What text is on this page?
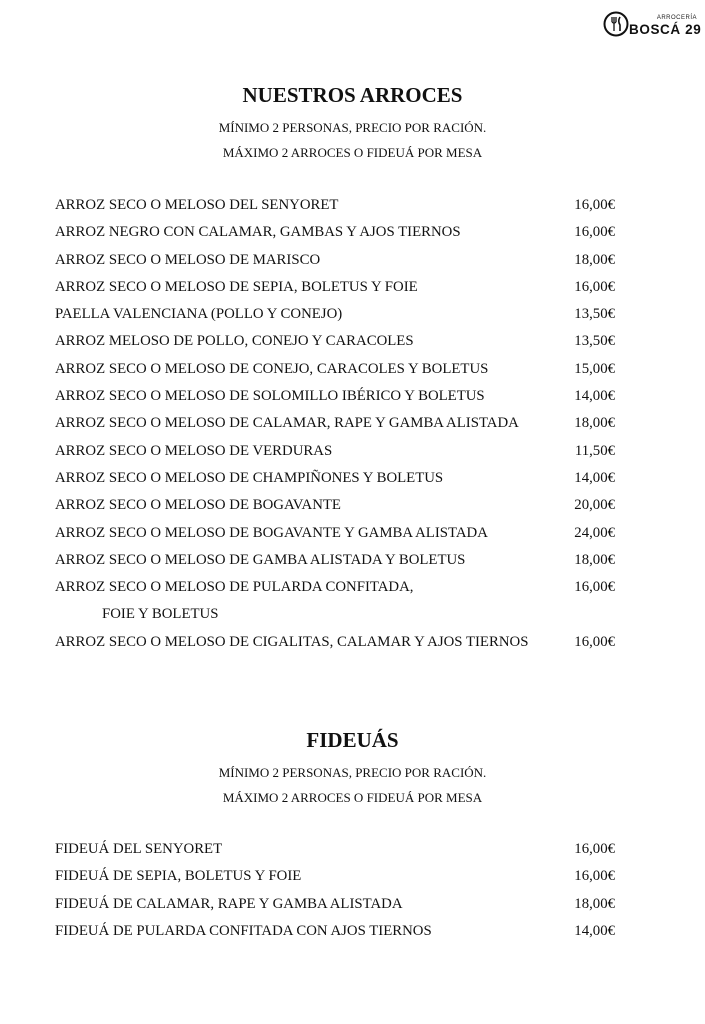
ARROCERÍA
BOSCÁ 29
NUESTROS ARROCES
MÍNIMO 2 PERSONAS, PRECIO POR RACIÓN.
MÁXIMO 2 ARROCES O FIDEUÁ POR MESA
ARROZ SECO O MELOSO DEL SENYORET	16,00€
ARROZ NEGRO CON CALAMAR, GAMBAS Y AJOS TIERNOS	16,00€
ARROZ SECO O MELOSO DE MARISCO	18,00€
ARROZ SECO O MELOSO DE SEPIA, BOLETUS Y FOIE	16,00€
PAELLA VALENCIANA (POLLO Y CONEJO)	13,50€
ARROZ MELOSO DE POLLO, CONEJO Y CARACOLES	13,50€
ARROZ SECO O MELOSO DE CONEJO, CARACOLES Y BOLETUS	15,00€
ARROZ SECO O MELOSO DE SOLOMILLO IBÉRICO Y BOLETUS	14,00€
ARROZ SECO O MELOSO DE CALAMAR, RAPE Y GAMBA ALISTADA	18,00€
ARROZ SECO O MELOSO DE VERDURAS	11,50€
ARROZ SECO O MELOSO DE CHAMPIÑONES Y BOLETUS	14,00€
ARROZ SECO O MELOSO DE BOGAVANTE	20,00€
ARROZ SECO O MELOSO DE BOGAVANTE Y GAMBA ALISTADA	24,00€
ARROZ SECO O MELOSO DE GAMBA ALISTADA Y BOLETUS	18,00€
ARROZ SECO O MELOSO DE PULARDA CONFITADA,	16,00€
FOIE Y BOLETUS
ARROZ SECO O MELOSO DE CIGALITAS, CALAMAR Y AJOS TIERNOS	16,00€
FIDEUÁS
MÍNIMO 2 PERSONAS, PRECIO POR RACIÓN.
MÁXIMO 2 ARROCES O FIDEUÁ POR MESA
FIDEUÁ DEL SENYORET	16,00€
FIDEUÁ DE SEPIA, BOLETUS Y FOIE	16,00€
FIDEUÁ DE CALAMAR, RAPE Y GAMBA ALISTADA	18,00€
FIDEUÁ DE PULARDA CONFITADA CON AJOS TIERNOS	14,00€
